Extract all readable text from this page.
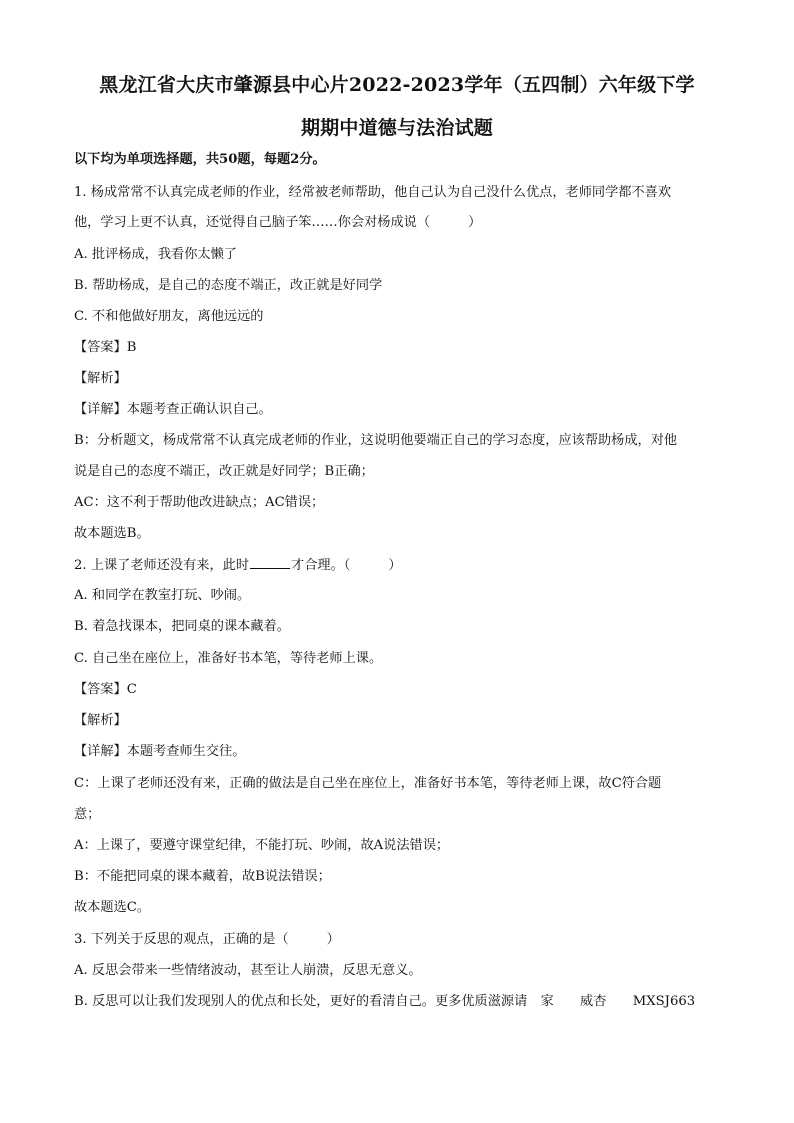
黑龙江省大庆市肇源县中心片2022-2023学年（五四制）六年级下学
期期中道德与法治试题
以下均为单项选择题，共50题，每题2分。
1. 杨成常常不认真完成老师的作业，经常被老师帮助，他自己认为自己没什么优点，老师同学都不喜欢
他，学习上更不认真，还觉得自己脑子笨……你会对杨成说（	）
A. 批评杨成，我看你太懒了
B. 帮助杨成，是自己的态度不端正，改正就是好同学
C. 不和他做好朋友，离他远远的
【答案】B
【解析】
【详解】本题考查正确认识自己。
B：分析题文，杨成常常不认真完成老师的作业，这说明他要端正自己的学习态度，应该帮助杨成，对他
说是自己的态度不端正，改正就是好同学；B正确；
AC：这不利于帮助他改进缺点；AC错误；
故本题选B。
2. 上课了老师还没有来，此时	才合理。（	）
A. 和同学在教室打玩、吵闹。
B. 着急找课本，把同桌的课本藏着。
C. 自己坐在座位上，准备好书本笔，等待老师上课。
【答案】C
【解析】
【详解】本题考查师生交往。
C：上课了老师还没有来，正确的做法是自己坐在座位上，准备好书本笔，等待老师上课，故C符合题
意；
A：上课了，要遵守课堂纪律，不能打玩、吵闹，故A说法错误；
B：不能把同桌的课本藏着，故B说法错误；
故本题选C。
3. 下列关于反思的观点，正确的是（	）
A. 反思会带来一些情绪波动，甚至让人崩溃，反思无意义。
B. 反思可以让我们发现别人的优点和长处，更好的看清自己。更多优质滋源请　家　　威杏　　MXSJ663
